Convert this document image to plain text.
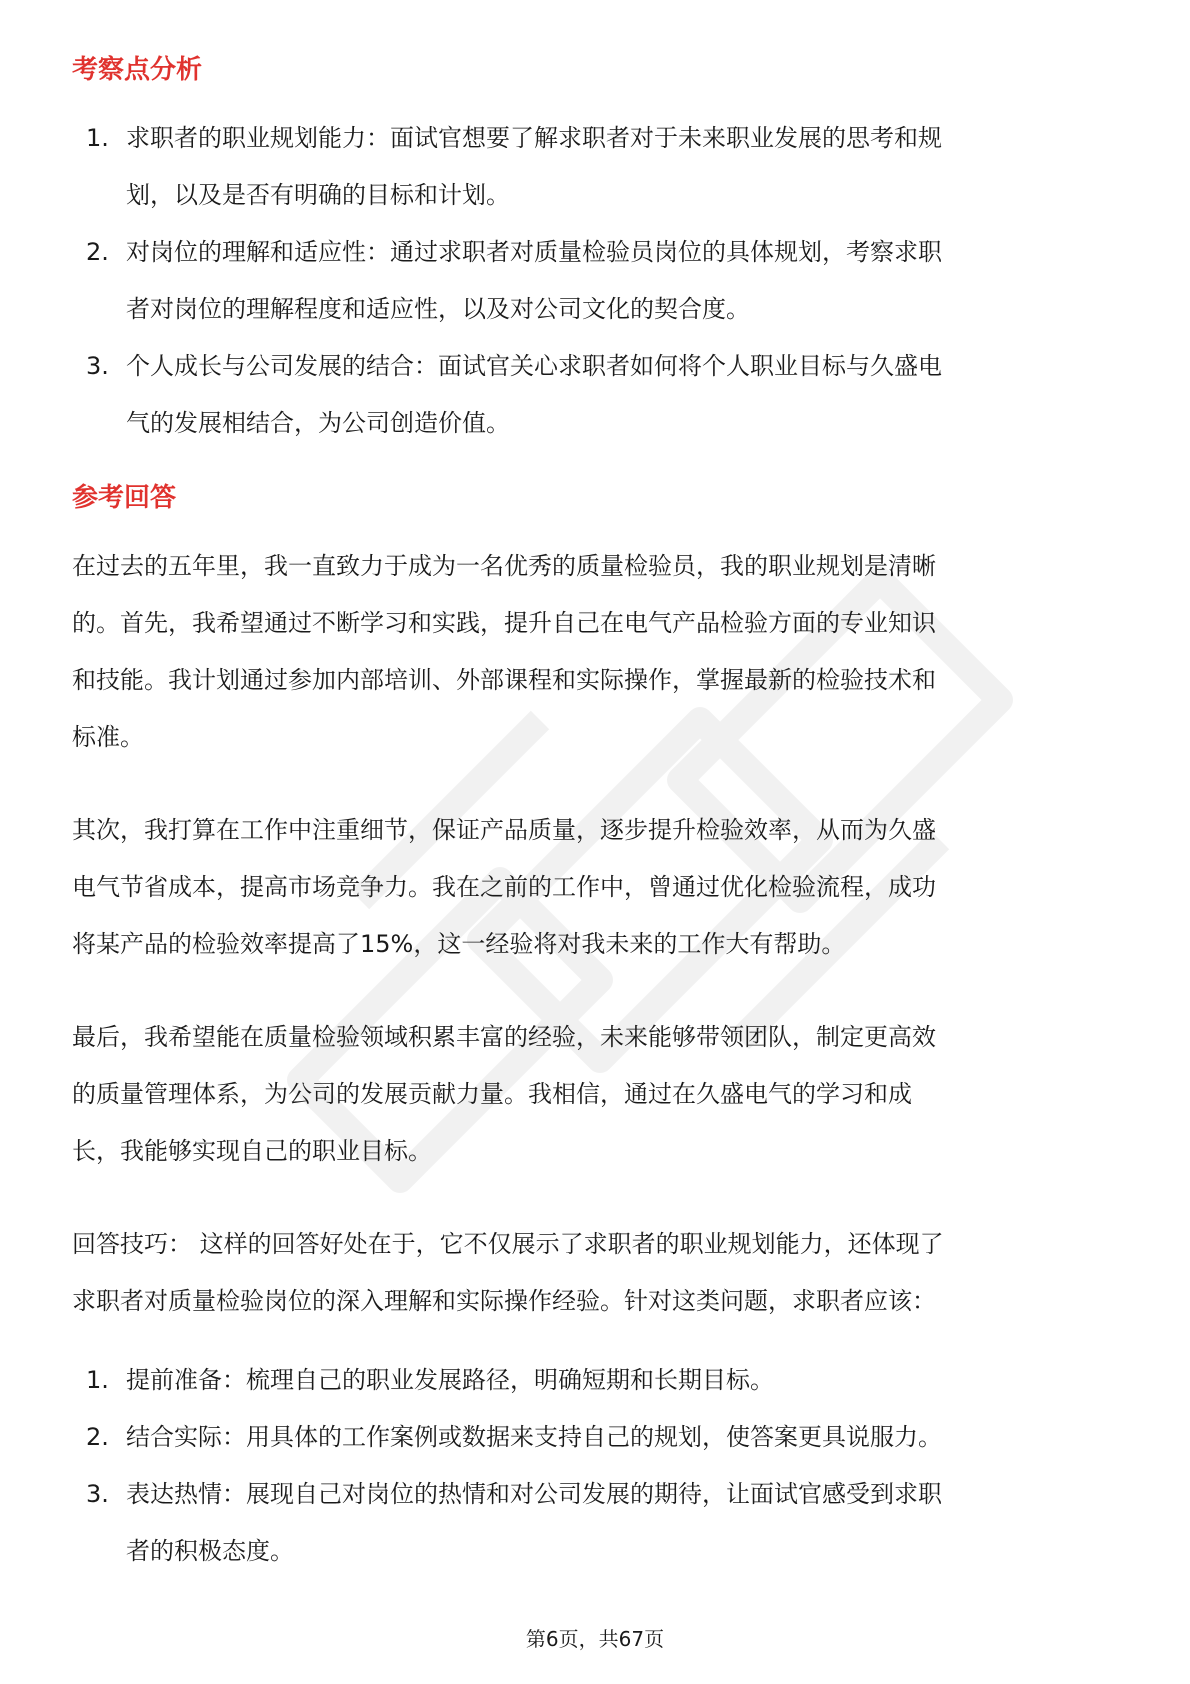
考察点分析
1. 求职者的职业规划能力：面试官想要了解求职者对于未来职业发展的思考和规
划，以及是否有明确的目标和计划。
2. 对岗位的理解和适应性：通过求职者对质量检验员岗位的具体规划，考察求职
者对岗位的理解程度和适应性，以及对公司文化的契合度。
3. 个人成长与公司发展的结合：面试官关心求职者如何将个人职业目标与久盛电
气的发展相结合，为公司创造价值。
参考回答

在过去的五年里，我一直致力于成为一名优秀的质量检验员，我的职业规划是清晰
的。首先，我希望通过不断学习和实践，提升自己在电气产品检验方面的专业知识
和技能。我计划通过参加内部培训、外部课程和实际操作，掌握最新的检验技术和
标准。

其次，我打算在工作中注重细节，保证产品质量，逐步提升检验效率，从而为久盛
电气节省成本，提高市场竞争力。我在之前的工作中，曾通过优化检验流程，成功
将某产品的检验效率提高了15%，这一经验将对我未来的工作大有帮助。

最后，我希望能在质量检验领域积累丰富的经验，未来能够带领团队，制定更高效
的质量管理体系，为公司的发展贡献力量。我相信，通过在久盛电气的学习和成
长，我能够实现自己的职业目标。

回答技巧： 这样的回答好处在于，它不仅展示了求职者的职业规划能力，还体现了
求职者对质量检验岗位的深入理解和实际操作经验。针对这类问题，求职者应该：

1. 提前准备：梳理自己的职业发展路径，明确短期和长期目标。
2. 结合实际：用具体的工作案例或数据来支持自己的规划，使答案更具说服力。
3. 表达热情：展现自己对岗位的热情和对公司发展的期待，让面试官感受到求职
者的积极态度。
第6页，共67页
